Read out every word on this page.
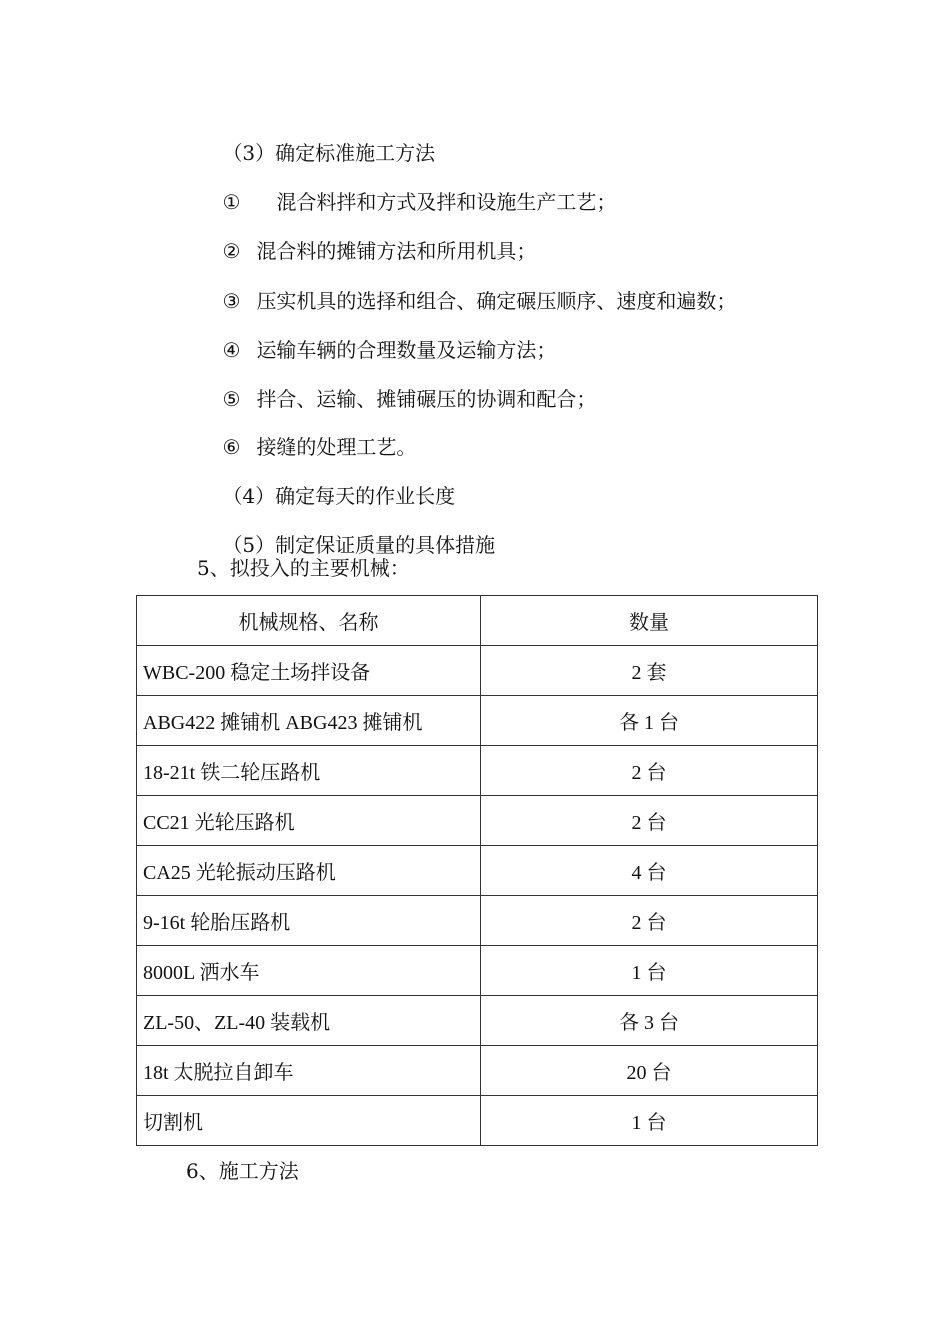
（3）确定标准施工方法

① 混合料拌和方式及拌和设施生产工艺；

② 混合料的摊铺方法和所用机具；

③ 压实机具的选择和组合、确定碾压顺序、速度和遍数；

④ 运输车辆的合理数量及运输方法；

⑤ 拌合、运输、摊铺碾压的协调和配合；

⑥ 接缝的处理工艺。

（4）确定每天的作业长度

（5）制定保证质量的具体措施

5、拟投入的主要机械：
机械规格、名称	数量
WBC-200 稳定土场拌设备	2 套
ABG422 摊铺机 ABG423 摊铺机	各 1 台
18-21t 铁二轮压路机	2 台
CC21 光轮压路机	2 台
CA25 光轮振动压路机	4 台
9-16t 轮胎压路机	2 台
8000L 洒水车	1 台
ZL-50、ZL-40 装载机	各 3 台
18t 太脱拉自卸车	20 台
切割机	1 台
6、施工方法
